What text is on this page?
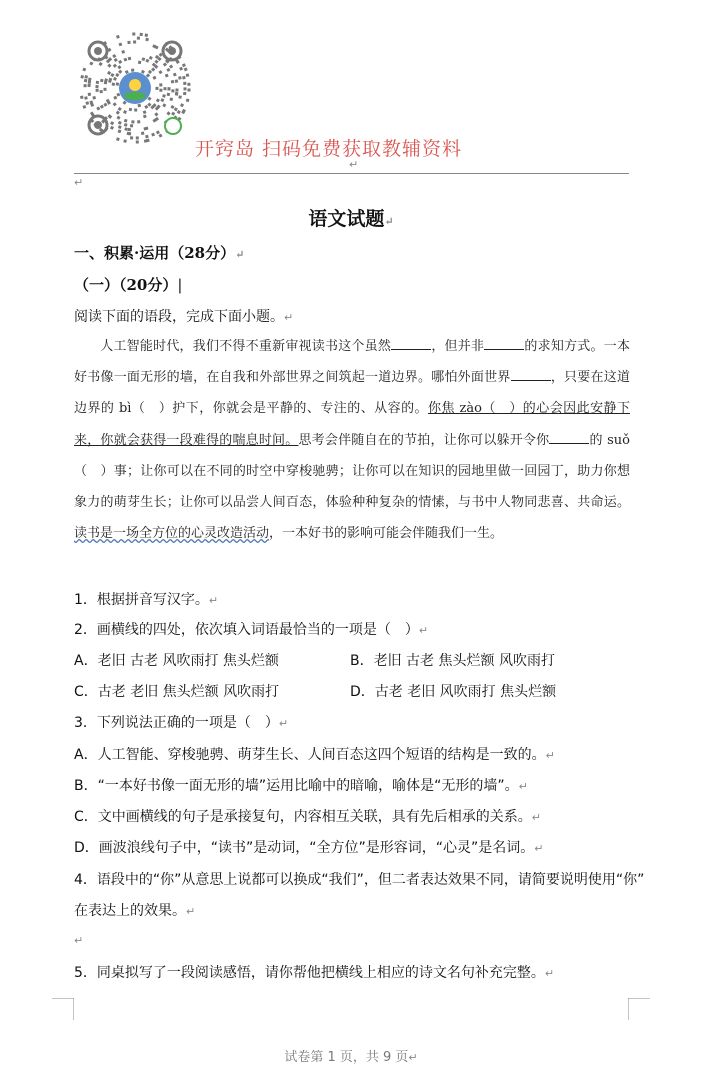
开窍岛 扫码免费获取教辅资料
↵
↵
语文试题↵
一、积累·运用（28分）↵
（一）（20分）|
阅读下面的语段，完成下面小题。↵
  人工智能时代，我们不得不重新审视读书这个虽然	，但并非	的求知方式。一本好书像一面无形的墙，在自我和外部世界之间筑起一道边界。哪怕外面世界	，只要在这道边界的 bì（　）护下，你就会是平静的、专注的、从容的。你焦 zào（　）的心会因此安静下来，你就会获得一段难得的喘息时间。思考会伴随自在的节拍，让你可以躲开令你	的 suǒ（　）事；让你可以在不同的时空中穿梭驰骋；让你可以在知识的园地里做一回园丁，助力你想象力的萌芽生长；让你可以品尝人间百态，体验种种复杂的情愫，与书中人物同悲喜、共命运。读书是一场全方位的心灵改造活动，一本好书的影响可能会伴随我们一生。
1．根据拼音写汉字。↵
2．画横线的四处，依次填入词语最恰当的一项是（　）↵
A．老旧 古老 风吹雨打 焦头烂额	B．老旧 古老 焦头烂额 风吹雨打
C．古老 老旧 焦头烂额 风吹雨打	D．古老 老旧 风吹雨打 焦头烂额
3．下列说法正确的一项是（　）↵
A．人工智能、穿梭驰骋、萌芽生长、人间百态这四个短语的结构是一致的。↵
B．“一本好书像一面无形的墙”运用比喻中的暗喻，喻体是“无形的墙”。↵
C．文中画横线的句子是承接复句，内容相互关联，具有先后相承的关系。↵
D．画波浪线句子中，“读书”是动词，“全方位”是形容词，“心灵”是名词。↵
4．语段中的“你”从意思上说都可以换成“我们”，但二者表达效果不同，请简要说明使用“你”
在表达上的效果。↵
↵
5．同桌拟写了一段阅读感悟，请你帮他把横线上相应的诗文名句补充完整。↵
试卷第 1 页，共 9 页↵
